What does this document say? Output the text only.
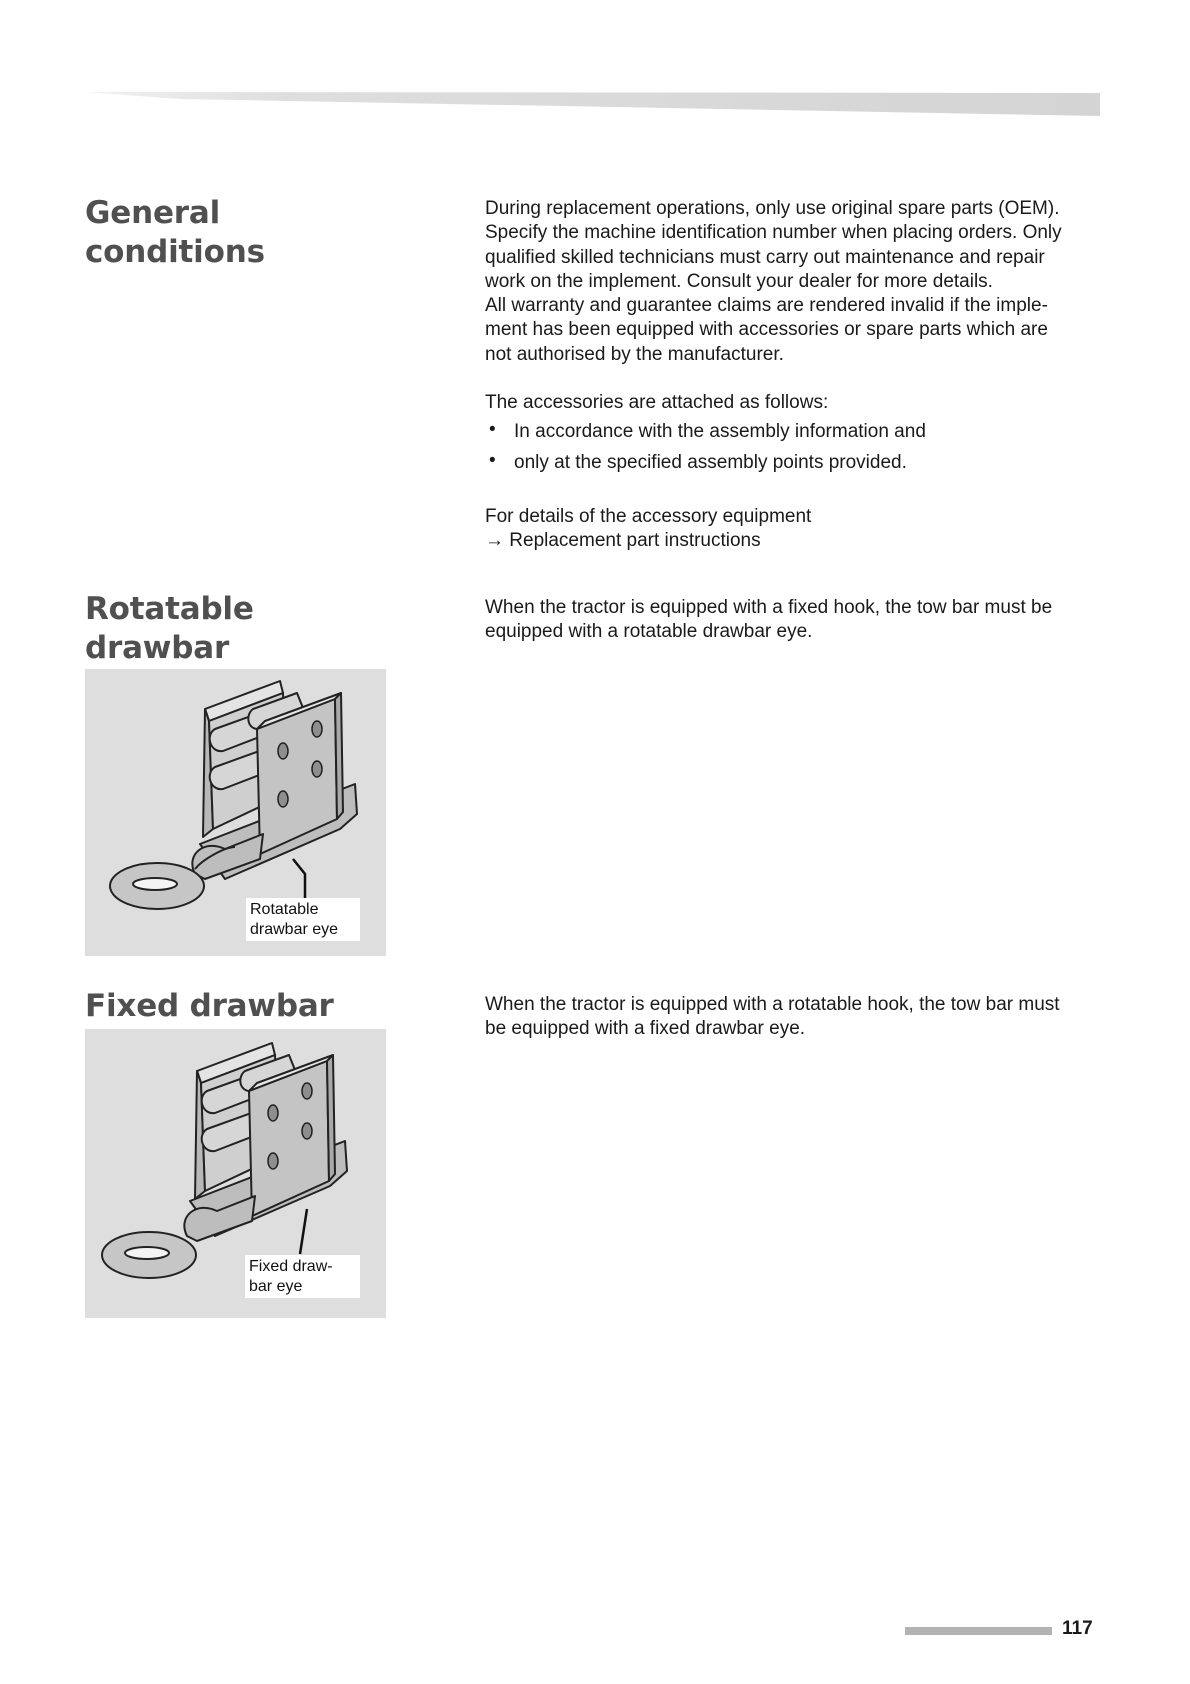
General
conditions

During replacement operations, only use original spare parts (OEM).
Specify the machine identification number when placing orders. Only
qualified skilled technicians must carry out maintenance and repair
work on the implement. Consult your dealer for more details.

All warranty and guarantee claims are rendered invalid if the imple-
ment has been equipped with accessories or spare parts which are
not authorised by the manufacturer.

The accessories are attached as follows:

• In accordance with the assembly information and
• only at the specified assembly points provided.

For details of the accessory equipment
→ Replacement part instructions

Rotatable drawbar

When the tractor is equipped with a fixed hook, the tow bar must be
equipped with a rotatable drawbar eye.

Rotatable
drawbar eye
Fixed drawbar	When the tractor is equipped with a rotatable hook, the tow bar must
be equipped with a fixed drawbar eye.

Fixed draw-
bar eye
117
